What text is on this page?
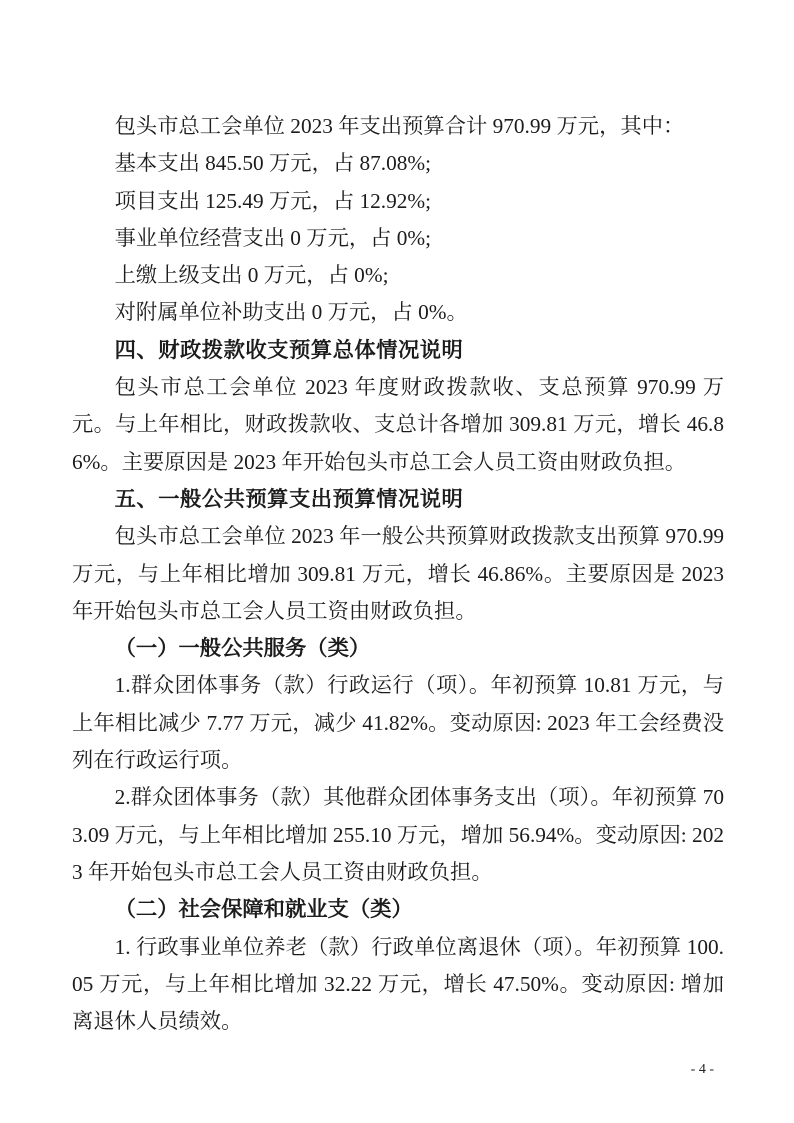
包头市总工会单位 2023 年支出预算合计 970.99 万元，其中：

基本支出 845.50 万元，占 87.08%;

项目支出 125.49 万元，占 12.92%;

事业单位经营支出 0 万元，占 0%;

上缴上级支出 0 万元，占 0%;

对附属单位补助支出 0 万元，占 0%。

四、财政拨款收支预算总体情况说明

包头市总工会单位 2023 年度财政拨款收、支总预算 970.99 万元。与上年相比，财政拨款收、支总计各增加 309.81 万元，增长 46.86%。主要原因是 2023 年开始包头市总工会人员工资由财政负担。

五、一般公共预算支出预算情况说明

包头市总工会单位 2023 年一般公共预算财政拨款支出预算 970.99 万元，与上年相比增加 309.81 万元，增长 46.86%。主要原因是 2023 年开始包头市总工会人员工资由财政负担。

（一）一般公共服务（类）

1.群众团体事务（款）行政运行（项）。年初预算 10.81 万元，与上年相比减少 7.77 万元，减少 41.82%。变动原因: 2023 年工会经费没列在行政运行项。

2.群众团体事务（款）其他群众团体事务支出（项）。年初预算 703.09 万元，与上年相比增加 255.10 万元，增加 56.94%。变动原因: 2023 年开始包头市总工会人员工资由财政负担。

（二）社会保障和就业支（类）

1. 行政事业单位养老（款）行政单位离退休（项）。年初预算 100.05 万元，与上年相比增加 32.22 万元，增长 47.50%。变动原因: 增加离退休人员绩效。

- 4 -
